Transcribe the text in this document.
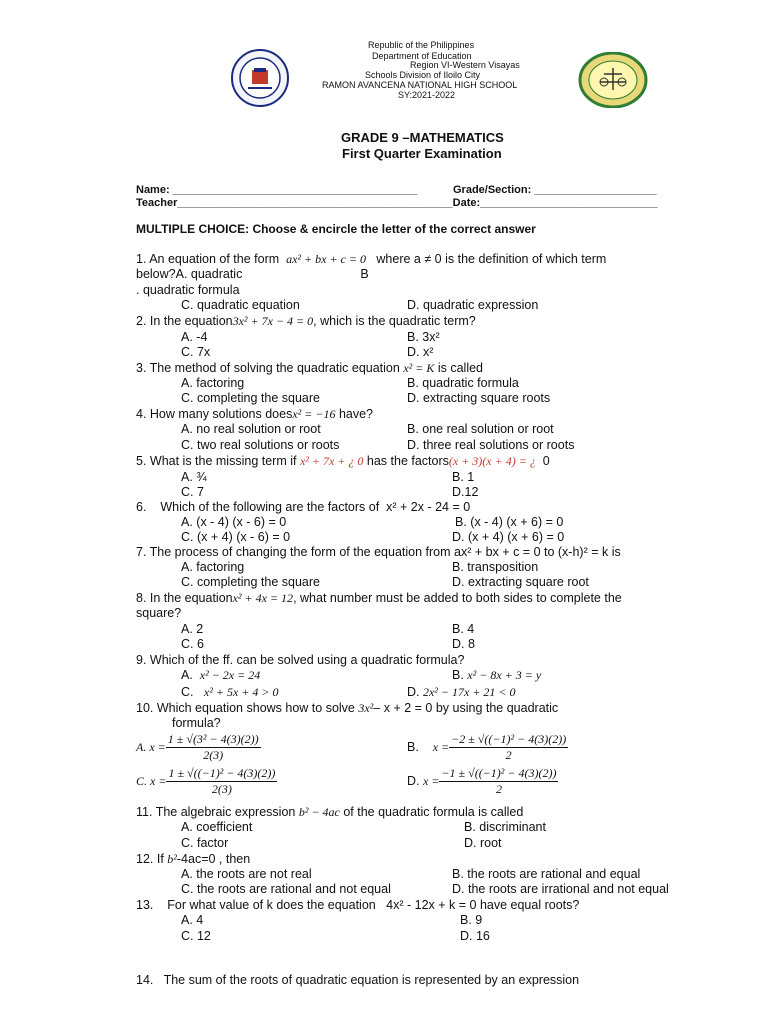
Republic of the Philippines
Department of Education
Region VI-Western Visayas
Schools Division of Iloilo City
RAMON AVANCENA NATIONAL HIGH SCHOOL
SY:2021-2022
GRADE 9 –MATHEMATICS
First Quarter Examination
Name: ________________________________________	Grade/Section: ____________________
Teacher_____________________________________________Date:_____________________________
MULTIPLE CHOICE: Choose & encircle the letter of the correct answer
1. An equation of the form ax² + bx + c = 0 where a ≠ 0 is the definition of which term
below?A. quadratic                                  B
. quadratic formula
C. quadratic equation	D. quadratic expression
2. In the equation3x² + 7x − 4 = 0, which is the quadratic term?
A. -4	B. 3x²
C. 7x	D. x²
3. The method of solving the quadratic equation x² = K is called
A. factoring	B. quadratic formula
C. completing the square	D. extracting square roots
4. How many solutions doesx² = −16 have?
A. no real solution or root	B. one real solution or root
C. two real solutions or roots	D. three real solutions or roots
5. What is the missing term if x² + 7x + ¿ 0 has the factors(x + 3)(x + 4) = ¿ 0
A. ¾	B. 1
C. 7	D.12
6.    Which of the following are the factors of  x² + 2x - 24 = 0
A. (x - 4) (x - 6) = 0	B. (x - 4) (x + 6) = 0
C. (x + 4) (x - 6) = 0	D. (x + 4) (x + 6) = 0
7. The process of changing the form of the equation from ax² + bx + c = 0 to (x-h)² = k is
A. factoring	B. transposition
C. completing the square	D. extracting square root
8. In the equationx² + 4x = 12, what number must be added to both sides to complete the
square?
A. 2	B. 4
C. 6	D. 8
9. Which of the ff. can be solved using a quadratic formula?
A. x² − 2x = 24	B. x² − 8x + 3 = y
C. x² + 5x + 4 > 0	D. 2x² − 17x + 21 < 0
10. Which equation shows how to solve 3x²– x + 2 = 0 by using the quadratic
formula?
A. $x = \frac{\text{1 ± √(3² − 4(3)(2))}}{2(3)}$	B. $x = \frac{\text{−2 ± √((−1)² − 4(3)(2))}}{2}$
C. $x = \frac{\text{1 ± √((−1)² − 4(3)(2))}}{2(3)}$	D. $x = \frac{\text{−1 ± √((−1)² − 4(3)(2))}}{2}$
11. The algebraic expression b² − 4ac of the quadratic formula is called
A. coefficient	B. discriminant
C. factor	D. root
12. If b²-4ac=0 , then
A. the roots are not real	B. the roots are rational and equal
C. the roots are rational and not equal	D. the roots are irrational and not equal
13.    For what value of k does the equation   4x² - 12x + k = 0 have equal roots?
A. 4	B. 9
C. 12	D. 16
14.   The sum of the roots of quadratic equation is represented by an expression
